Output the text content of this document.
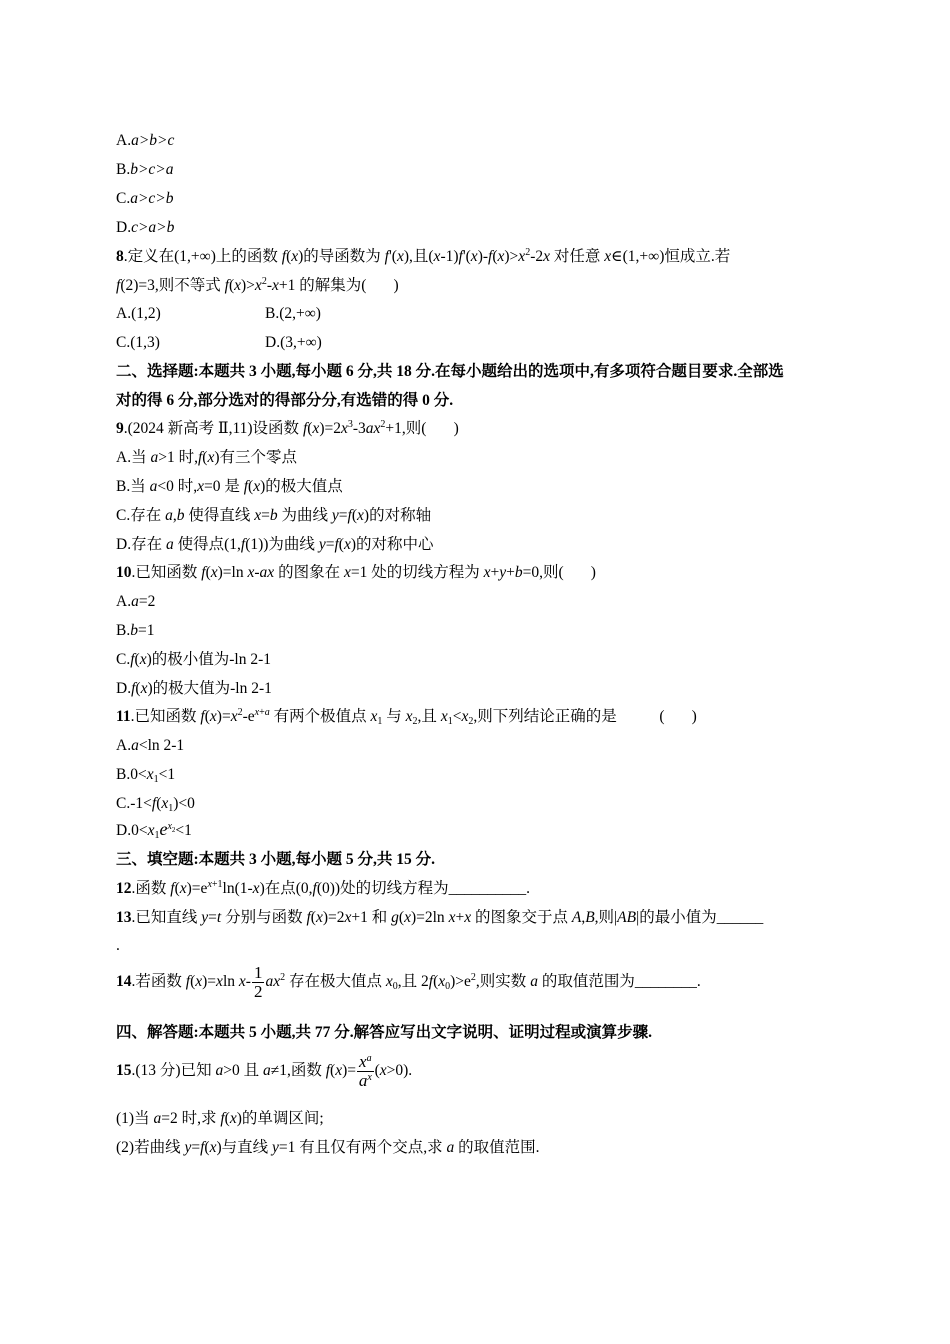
A.a>b>c
B.b>c>a
C.a>c>b
D.c>a>b
8.定义在(1,+∞)上的函数 f(x)的导函数为 f'(x),且$(x-1)f'(x)-f(x)>x^2-2x$ 对任意 x∈(1,+∞)恒成立.若
f(2)=3,则不等式 $f(x)>x^2-x+1$ 的解集为(       )
A.(1,2)	B.(2,+∞)
C.(1,3)	D.(3,+∞)
二、选择题:本题共 3 小题,每小题 6 分,共 18 分.在每小题给出的选项中,有多项符合题目要求.全部选
对的得 6 分,部分选对的得部分分,有选错的得 0 分.
9.(2024 新高考 Ⅱ,11)设函数 $f(x)=2x^3-3ax^2+1$,则(       )
A.当 a>1 时,f(x)有三个零点
B.当 a<0 时,x=0 是 f(x)的极大值点
C.存在 a,b 使得直线 x=b 为曲线 y=f(x)的对称轴
D.存在 a 使得点(1,f(1))为曲线 y=f(x)的对称中心
10.已知函数 f(x)=ln x-ax 的图象在 x=1 处的切线方程为 x+y+b=0,则(       )
A.a=2
B.b=1
C.f(x)的极小值为-ln 2-1
D.f(x)的极大值为-ln 2-1
11.已知函数 $f(x)=x^2-e^{x+a}$ 有两个极值点 $x_1$ 与 $x_2$,且 $x_1<x_2$,则下列结论正确的是           (       )
A.a<ln 2-1
$B.0<x_1<1$
$C.-1<f(x_1)<0$
$D.0<x_1e^{x_2}<1$
三、填空题:本题共 3 小题,每小题 5 分,共 15 分.
12.函数 $f(x)=e^{x+1}\ln(1-x)$在点(0,f(0))处的切线方程为__________.
13.已知直线 y=t 分别与函数 f(x)=2x+1 和 g(x)=2ln x+x 的图象交于点 A,B,则|AB|的最小值为______
.
14.若函数 f(x)=xln $x- \frac{1}{2} ax^2$ 存在极大值点 $x_0$,且 $2f(x_0)>e^2$,则实数 a 的取值范围为________.
四、解答题:本题共 5 小题,共 77 分.解答应写出文字说明、证明过程或演算步骤.
15.(13 分)已知 a>0 且 a≠1,函数 $f(x)= \frac{x^a}{a^x} (x>0)$.
(1)当 a=2 时,求 f(x)的单调区间;
(2)若曲线 y=f(x)与直线 y=1 有且仅有两个交点,求 a 的取值范围.
